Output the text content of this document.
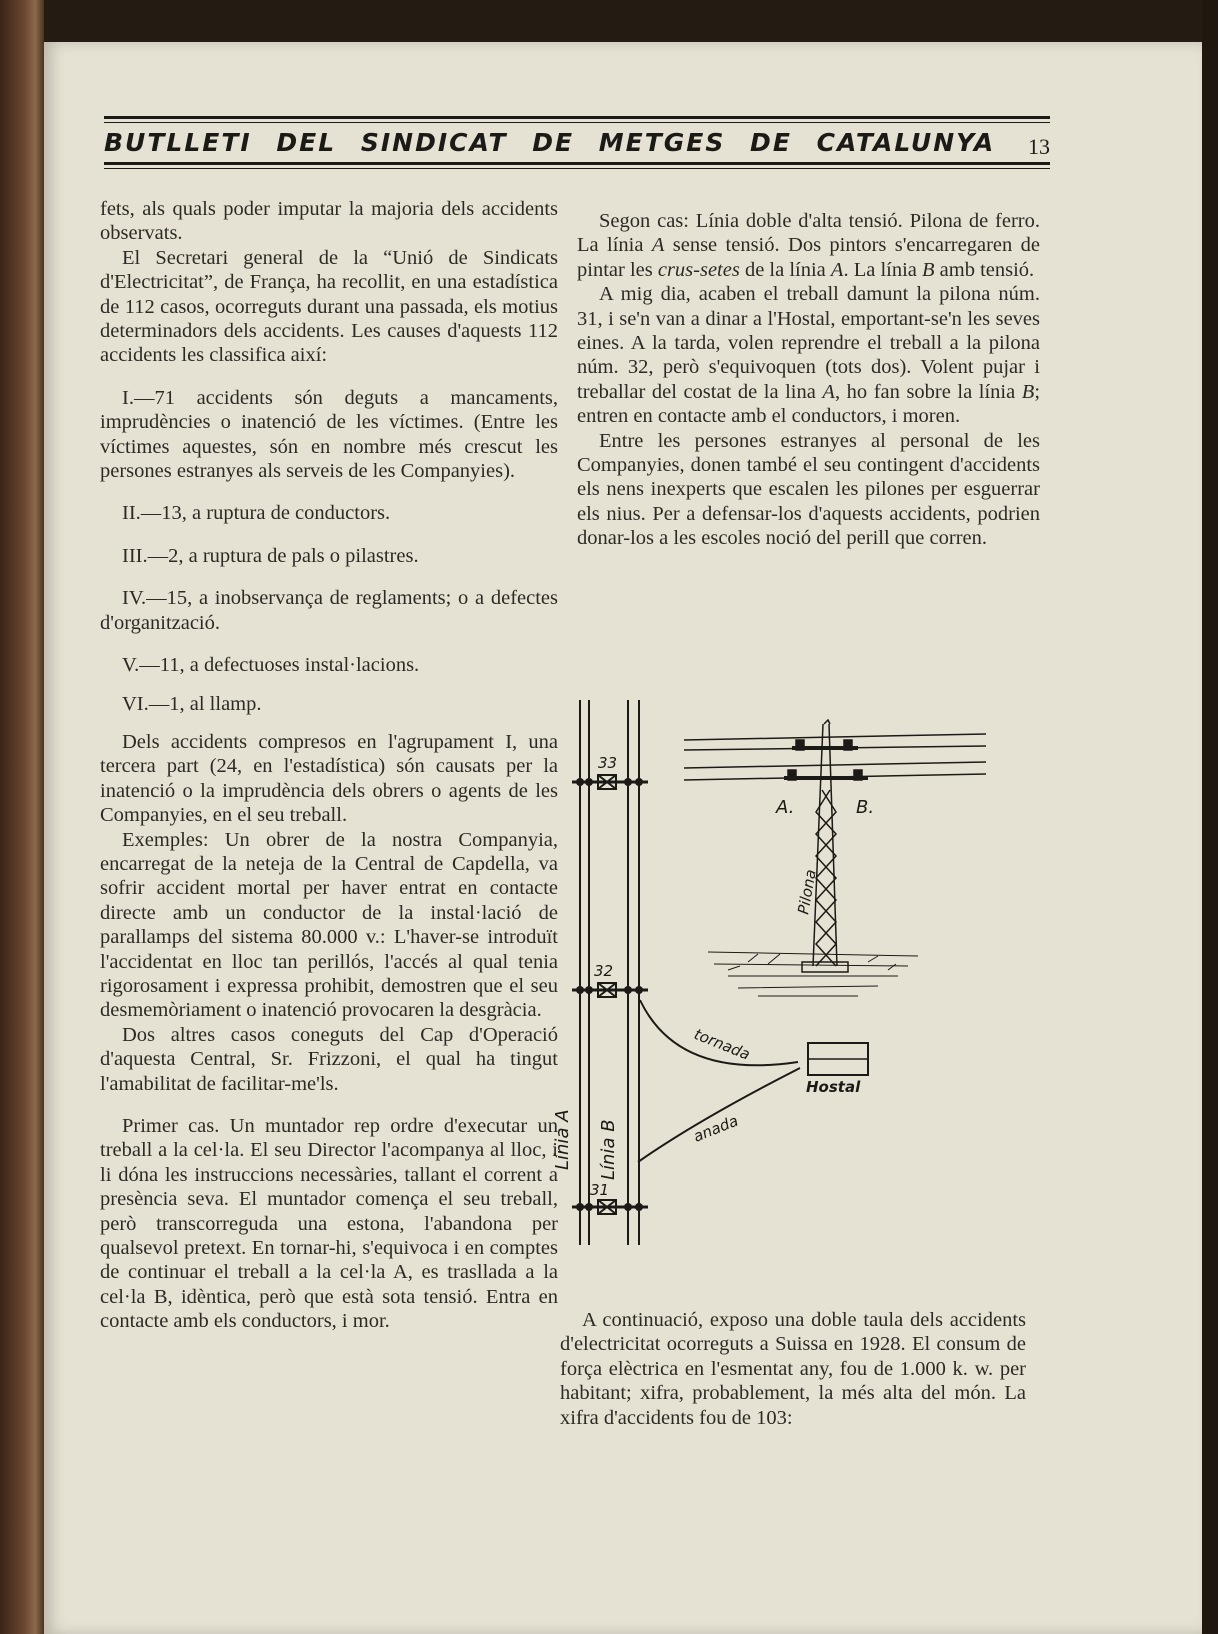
BUTLLETI DEL SINDICAT DE METGES DE CATALUNYA	13

fets, als quals poder imputar la majoria dels accidents observats.

El Secretari general de la “Unió de Sindicats d'Electricitat”, de França, ha recollit, en una estadística de 112 casos, ocorreguts durant una passada, els motius determinadors dels accidents. Les causes d'aquests 112 accidents les classifica així:

I.—71 accidents són deguts a mancaments, imprudències o inatenció de les víctimes. (Entre les víctimes aquestes, són en nombre més crescut les persones estranyes als serveis de les Companyies).

II.—13, a ruptura de conductors.

III.—2, a ruptura de pals o pilastres.

IV.—15, a inobservança de reglaments; o a defectes d'organització.

V.—11, a defectuoses instal·lacions.

VI.—1, al llamp.

Dels accidents compresos en l'agrupament I, una tercera part (24, en l'estadística) són causats per la inatenció o la imprudència dels obrers o agents de les Companyies, en el seu treball.

Exemples: Un obrer de la nostra Companyia, encarregat de la neteja de la Central de Capdella, va sofrir accident mortal per haver entrat en contacte directe amb un conductor de la instal·lació de parallamps del sistema 80.000 v.: L'haver-se introduït l'accidentat en lloc tan perillós, l'accés al qual tenia rigorosament i expressa prohibit, demostren que el seu desmemòriament o inatenció provocaren la desgràcia.

Dos altres casos coneguts del Cap d'Operació d'aquesta Central, Sr. Frizzoni, el qual ha tingut l'amabilitat de facilitar-me'ls.

Primer cas. Un muntador rep ordre d'executar un treball a la cel·la. El seu Director l'acompanya al lloc, i li dóna les instruccions necessàries, tallant el corrent a presència seva. El muntador comença el seu treball, però transcorreguda una estona, l'abandona per qualsevol pretext. En tornar-hi, s'equivoca i en comptes de continuar el treball a la cel·la A, es trasllada a la cel·la B, idèntica, però que està sota tensió. Entra en contacte amb els conductors, i mor.

Segon cas: Línia doble d'alta tensió. Pilona de ferro. La línia A sense tensió. Dos pintors s'encarregaren de pintar les crus-setes de la línia A. La línia B amb tensió.

A mig dia, acaben el treball damunt la pilona núm. 31, i se'n van a dinar a l'Hostal, emportant-se'n les seves eines. A la tarda, volen reprendre el treball a la pilona núm. 32, però s'equivoquen (tots dos). Volent pujar i treballar del costat de la lina A, ho fan sobre la línia B; entren en contacte amb el conductors, i moren.

Entre les persones estranyes al personal de les Companyies, donen també el seu contingent d'accidents els nens inexperts que escalen les pilones per esguerrar els nius. Per a defensar-los d'aquests accidents, podrien donar-los a les escoles noció del perill que corren.

33
32
31
Línia A Línia B
tornada
anada
Hostal
A.	B.
Pilona

A continuació, exposo una doble taula dels accidents d'electricitat ocorreguts a Suissa en 1928. El consum de força elèctrica en l'esmentat any, fou de 1.000 k. w. per habitant; xifra, probablement, la més alta del món. La xifra d'accidents fou de 103:
